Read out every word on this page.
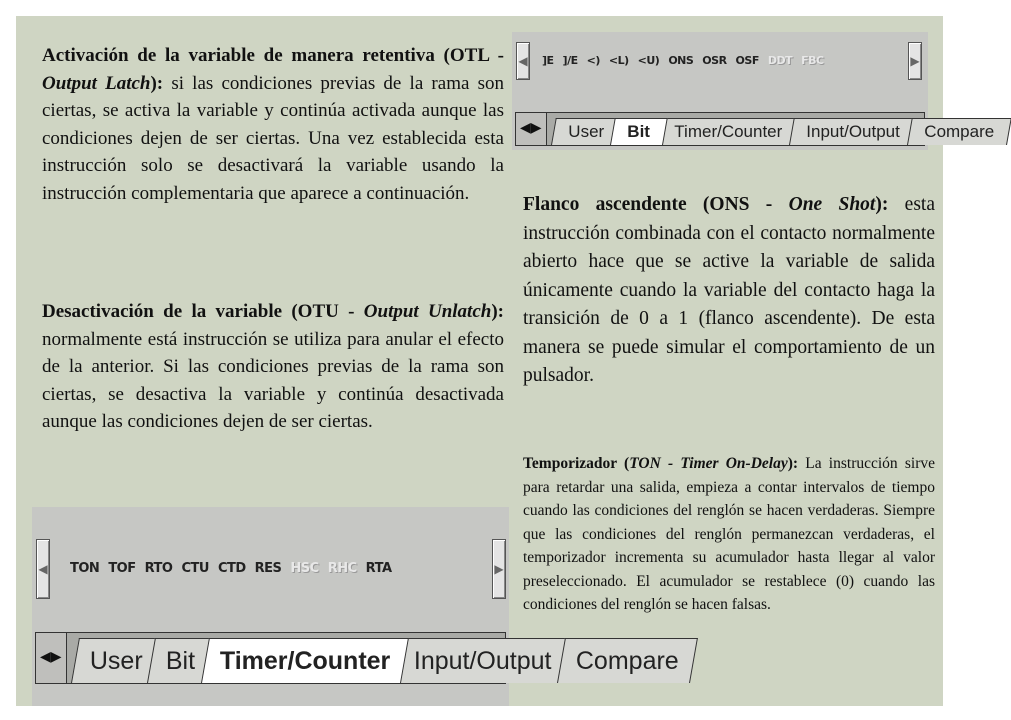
Activación de la variable de manera retentiva (OTL - Output Latch): si las condiciones previas de la rama son ciertas, se activa la variable y continúa activada aunque las condiciones dejen de ser ciertas. Una vez establecida esta instrucción solo se desactivará la variable usando la instrucción complementaria que aparece a continuación.

Desactivación de la variable (OTU - Output Unlatch): normalmente está instrucción se utiliza para anular el efecto de la anterior. Si las condiciones previas de la rama son ciertas, se desactiva la variable y continúa desactivada aunque las condiciones dejen de ser ciertas.

Flanco ascendente (ONS - One Shot): esta instrucción combinada con el contacto normalmente abierto hace que se active la variable de salida únicamente cuando la variable del contacto haga la transición de 0 a 1 (flanco ascendente). De esta manera se puede simular el comportamiento de un pulsador.

Temporizador (TON - Timer On-Delay): La instrucción sirve para retardar una salida, empieza a contar intervalos de tiempo cuando las condiciones del renglón se hacen verdaderas. Siempre que las condiciones del renglón permanezcan verdaderas, el temporizador incrementa su acumulador hasta llegar al valor preseleccionado. El acumulador se restablece (0) cuando las condiciones del renglón se hacen falsas.

◀ ]E ]/E <) <L) <U) ONS OSR OSF DDT FBC	▶
◀ ▶	User	Bit	Timer/Counter	Input/Output	Compare
◀ TON TOF RTO CTU CTD RES HSC RHC RTA	▶
◀ ▶	User Bit Timer/Counter Input/Output Compare
